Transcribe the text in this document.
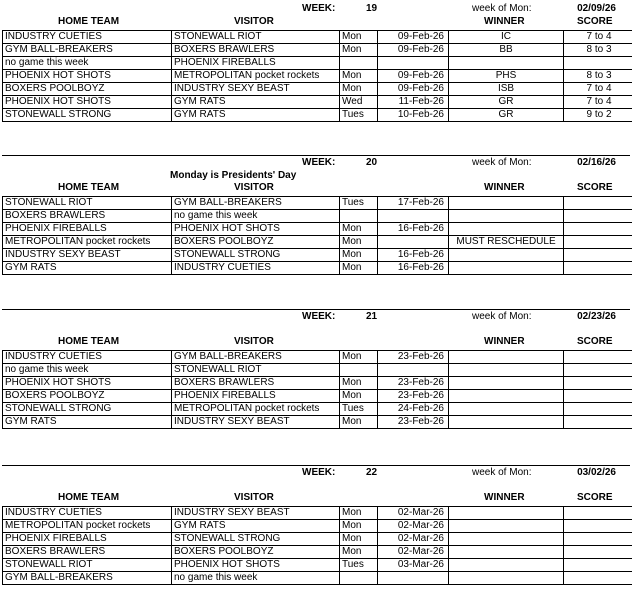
WEEK:	19	week of Mon:	02/09/26
HOME TEAM	VISITOR	WINNER	SCORE
INDUSTRY CUETIES	STONEWALL RIOT	Mon	09-Feb-26	IC	7 to 4
GYM BALL-BREAKERS	BOXERS BRAWLERS	Mon	09-Feb-26	BB	8 to 3
no game this week	PHOENIX FIREBALLS				
PHOENIX HOT SHOTS	METROPOLITAN pocket rockets	Mon	09-Feb-26	PHS	8 to 3
BOXERS POOLBOYZ	INDUSTRY SEXY BEAST	Mon	09-Feb-26	ISB	7 to 4
PHOENIX HOT SHOTS	GYM RATS	Wed	11-Feb-26	GR	7 to 4
STONEWALL STRONG	GYM RATS	Tues	10-Feb-26	GR	9 to 2
WEEK:	20	week of Mon:	02/16/26
Monday is Presidents' Day
HOME TEAM	VISITOR	WINNER	SCORE
STONEWALL RIOT	GYM BALL-BREAKERS	Tues	17-Feb-26		
BOXERS BRAWLERS	no game this week				
PHOENIX FIREBALLS	PHOENIX HOT SHOTS	Mon	16-Feb-26		
METROPOLITAN pocket rockets	BOXERS POOLBOYZ	Mon		MUST RESCHEDULE	
INDUSTRY SEXY BEAST	STONEWALL STRONG	Mon	16-Feb-26		
GYM RATS	INDUSTRY CUETIES	Mon	16-Feb-26		
WEEK:	21	week of Mon:	02/23/26
HOME TEAM	VISITOR	WINNER	SCORE
INDUSTRY CUETIES	GYM BALL-BREAKERS	Mon	23-Feb-26		
no game this week	STONEWALL RIOT				
PHOENIX HOT SHOTS	BOXERS BRAWLERS	Mon	23-Feb-26		
BOXERS POOLBOYZ	PHOENIX FIREBALLS	Mon	23-Feb-26		
STONEWALL STRONG	METROPOLITAN pocket rockets	Tues	24-Feb-26		
GYM RATS	INDUSTRY SEXY BEAST	Mon	23-Feb-26		
WEEK:	22	week of Mon:	03/02/26
HOME TEAM	VISITOR	WINNER	SCORE
INDUSTRY CUETIES	INDUSTRY SEXY BEAST	Mon	02-Mar-26		
METROPOLITAN pocket rockets	GYM RATS	Mon	02-Mar-26		
PHOENIX FIREBALLS	STONEWALL STRONG	Mon	02-Mar-26		
BOXERS BRAWLERS	BOXERS POOLBOYZ	Mon	02-Mar-26		
STONEWALL RIOT	PHOENIX HOT SHOTS	Tues	03-Mar-26		
GYM BALL-BREAKERS	no game this week				
